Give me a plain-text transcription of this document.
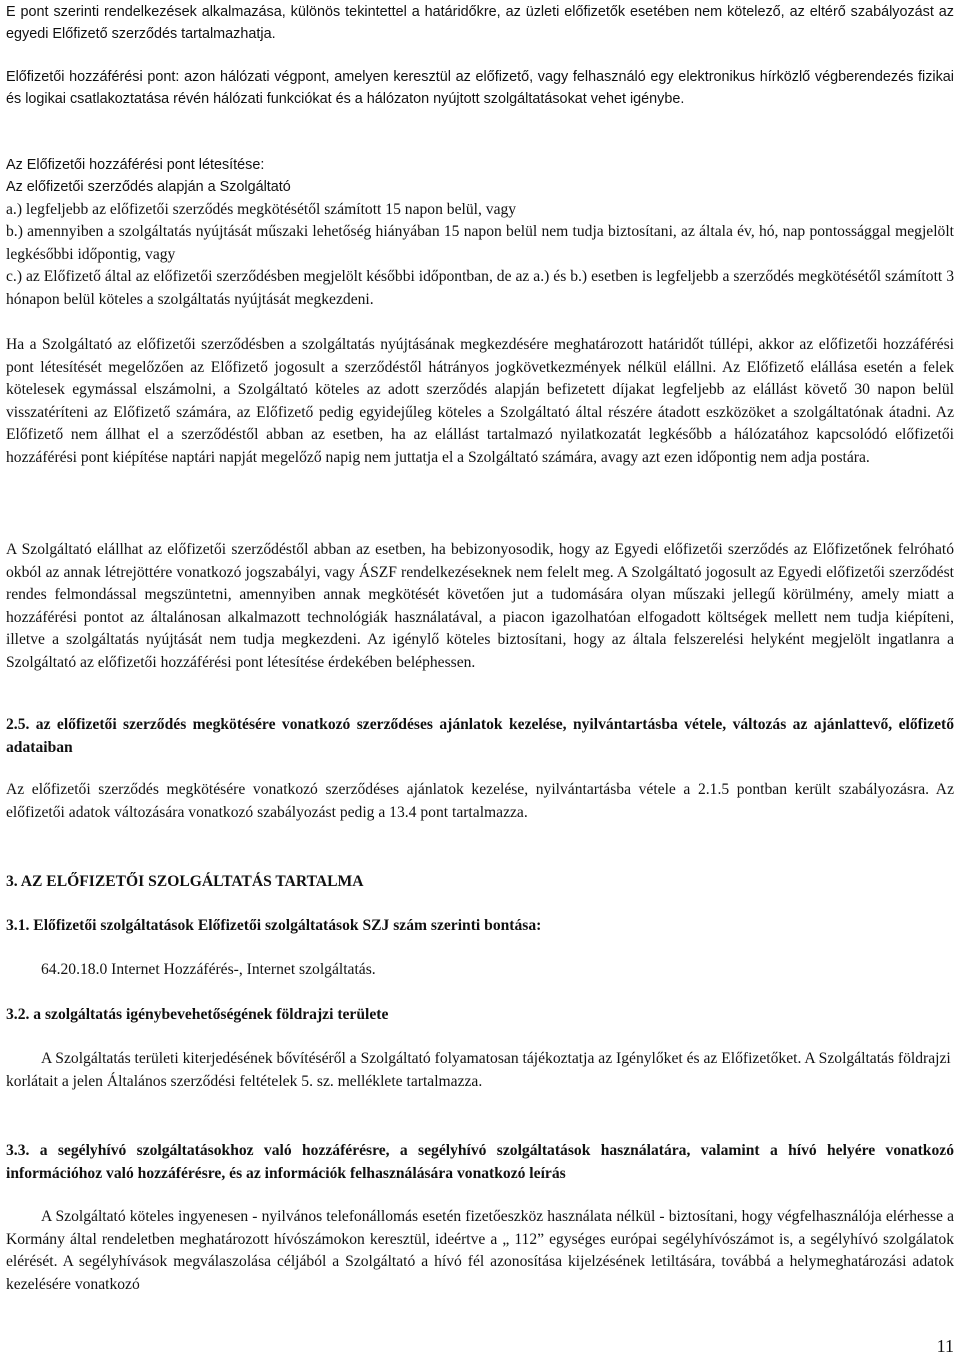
E pont szerinti rendelkezések alkalmazása, különös tekintettel a határidőkre, az üzleti előfizetők esetében nem kötelező, az eltérő szabályozást az egyedi Előfizető szerződés tartalmazhatja.

Előfizetői hozzáférési pont: azon hálózati végpont, amelyen keresztül az előfizető, vagy felhasználó egy elektronikus hírközlő végberendezés fizikai és logikai csatlakoztatása révén hálózati funkciókat és a hálózaton nyújtott szolgáltatásokat vehet igénybe.

Az Előfizetői hozzáférési pont létesítése:
Az előfizetői szerződés alapján a Szolgáltató
a.) legfeljebb az előfizetői szerződés megkötésétől számított 15 napon belül, vagy
b.) amennyiben a szolgáltatás nyújtását műszaki lehetőség hiányában 15 napon belül nem tudja biztosítani, az általa év, hó, nap pontossággal megjelölt legkésőbbi időpontig, vagy
c.) az Előfizető által az előfizetői szerződésben megjelölt későbbi időpontban, de az a.) és b.) esetben is legfeljebb a szerződés megkötésétől számított 3 hónapon belül köteles a szolgáltatás nyújtását megkezdeni.

Ha a Szolgáltató az előfizetői szerződésben a szolgáltatás nyújtásának megkezdésére meghatározott határidőt túllépi, akkor az előfizetői hozzáférési pont létesítését megelőzően az Előfizető jogosult a szerződéstől hátrányos jogkövetkezmények nélkül elállni. Az Előfizető elállása esetén a felek kötelesek egymással elszámolni, a Szolgáltató köteles az adott szerződés alapján befizetett díjakat legfeljebb az elállást követő 30 napon belül visszatéríteni az Előfizető számára, az Előfizető pedig egyidejűleg köteles a Szolgáltató által részére átadott eszközöket a szolgáltatónak átadni. Az Előfizető nem állhat el a szerződéstől abban az esetben, ha az elállást tartalmazó nyilatkozatát legkésőbb a hálózatához kapcsolódó előfizetői hozzáférési pont kiépítése naptári napját megelőző napig nem juttatja el a Szolgáltató számára, avagy azt ezen időpontig nem adja postára.

A Szolgáltató elállhat az előfizetői szerződéstől abban az esetben, ha bebizonyosodik, hogy az Egyedi előfizetői szerződés az Előfizetőnek felróható okból az annak létrejöttére vonatkozó jogszabályi, vagy ÁSZF rendelkezéseknek nem felelt meg. A Szolgáltató jogosult az Egyedi előfizetői szerződést rendes felmondással megszüntetni, amennyiben annak megkötését követően jut a tudomására olyan műszaki jellegű körülmény, amely miatt a hozzáférési pontot az általánosan alkalmazott technológiák használatával, a piacon igazolhatóan elfogadott költségek mellett nem tudja kiépíteni, illetve a szolgáltatás nyújtását nem tudja megkezdeni. Az igénylő köteles biztosítani, hogy az általa felszerelési helyként megjelölt ingatlanra a Szolgáltató az előfizetői hozzáférési pont létesítése érdekében beléphessen.

2.5. az előfizetői szerződés megkötésére vonatkozó szerződéses ajánlatok kezelése, nyilvántartásba vétele, változás az ajánlattevő, előfizető adataiban

Az előfizetői szerződés megkötésére vonatkozó szerződéses ajánlatok kezelése, nyilvántartásba vétele a 2.1.5 pontban került szabályozásra. Az előfizetői adatok változására vonatkozó szabályozást pedig a 13.4 pont tartalmazza.

3. AZ ELŐFIZETŐI SZOLGÁLTATÁS TARTALMA

3.1. Előfizetői szolgáltatások Előfizetői szolgáltatások SZJ szám szerinti bontása:

64.20.18.0 Internet Hozzáférés-, Internet szolgáltatás.

3.2. a szolgáltatás igénybevehetőségének földrajzi területe

A Szolgáltatás területi kiterjedésének bővítéséről a Szolgáltató folyamatosan tájékoztatja az Igénylőket és az Előfizetőket. A Szolgáltatás földrajzi korlátait a jelen Általános szerződési feltételek 5. sz. melléklete tartalmazza.

3.3. a segélyhívó szolgáltatásokhoz való hozzáférésre, a segélyhívó szolgáltatások használatára, valamint a hívó helyére vonatkozó információhoz való hozzáférésre, és az információk felhasználására vonatkozó leírás

A Szolgáltató köteles ingyenesen - nyilvános telefonállomás esetén fizetőeszköz használata nélkül - biztosítani, hogy végfelhasználója elérhesse a Kormány által rendeletben meghatározott hívószámokon keresztül, ideértve a „ 112” egységes európai segélyhívószámot is, a segélyhívó szolgálatok elérését. A segélyhívások megválaszolása céljából a Szolgáltató a hívó fél azonosítása kijelzésének letiltására, továbbá a helymeghatározási adatok kezelésére vonatkozó

11
